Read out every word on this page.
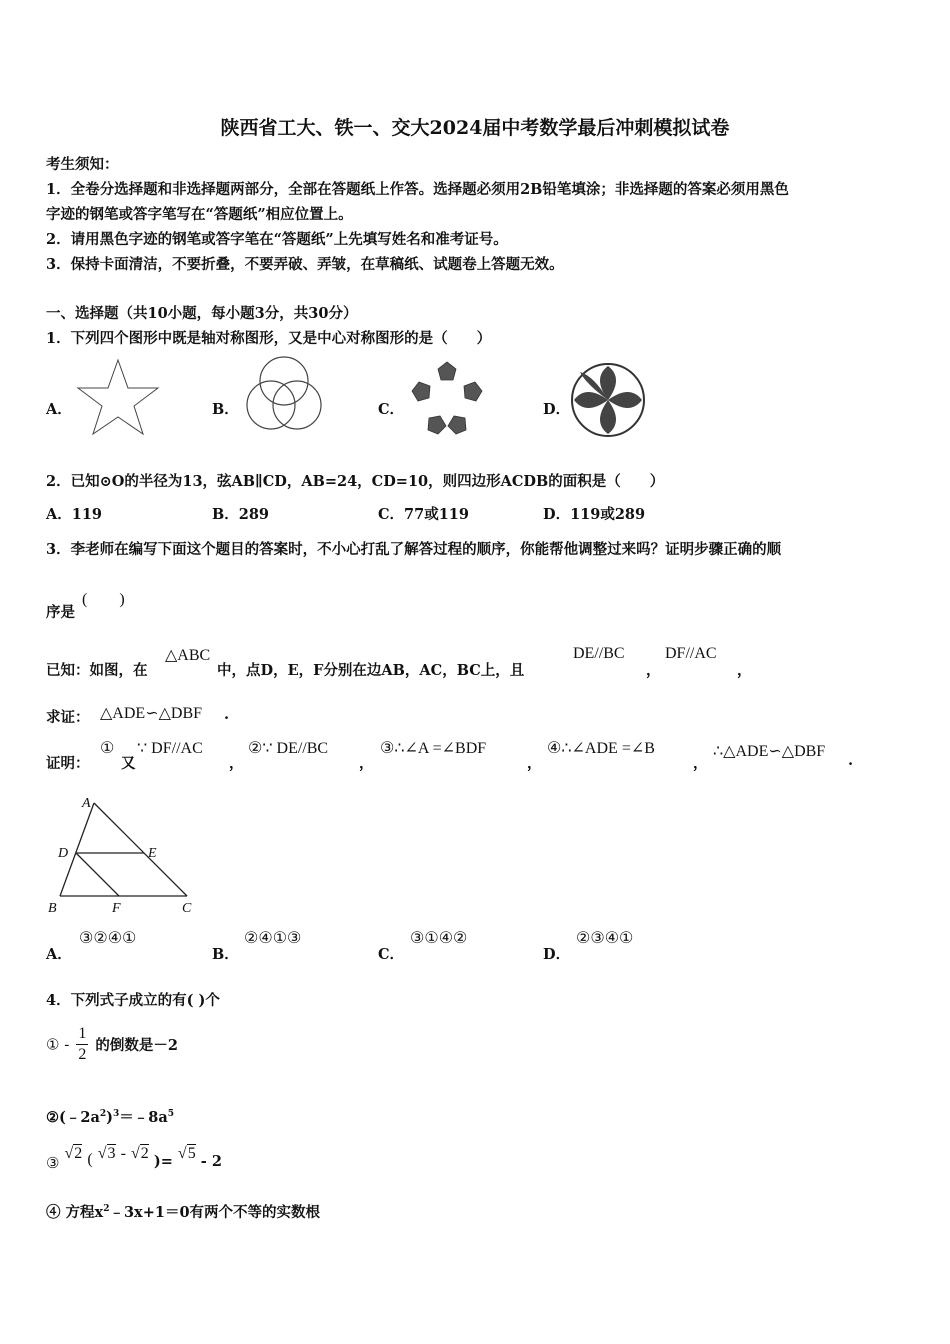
陕西省工大、铁一、交大2024届中考数学最后冲刺模拟试卷
考生须知：
1．全卷分选择题和非选择题两部分，全部在答题纸上作答。选择题必须用2B铅笔填涂；非选择题的答案必须用黑色
字迹的钢笔或答字笔写在“答题纸”相应位置上。
2．请用黑色字迹的钢笔或答字笔在“答题纸”上先填写姓名和准考证号。
3．保持卡面清洁，不要折叠，不要弄破、弄皱，在草稿纸、试题卷上答题无效。
一、选择题（共10小题，每小题3分，共30分）
1．下列四个图形中既是轴对称图形，又是中心对称图形的是（　　）
A．	B．	C．	D．
2．已知⊙O的半径为13，弦AB∥CD，AB=24，CD=10，则四边形ACDB的面积是（　　）
A．119	B．289	C．77或119	D．119或289
3．李老师在编写下面这个题目的答案时，不小心打乱了解答过程的顺序，你能帮他调整过来吗？证明步骤正确的顺
序是
(　　)
已知：如图，在
△ABC
中，点D，E，F分别在边AB，AC，BC上，且
DE//BC
，
DF//AC
，
求证： △ADE∽△DBF .
证明：
①
又
∵ DF//AC
，
②∵ DE//BC
，
③∴∠A =∠BDF
，
④∴∠ADE =∠B
，
∴△ADE∽△DBF
.
A
D	E
B	F	C
A．
③②④①
B．
②④①③
C．
③①④②
D．
②③④①
4．下列式子成立的有( )个
① - $\frac{1}{2}$ 的倒数是－2
$②(﹣2a^2)^3=﹣8a^5$
③ √2 ( √3 - √2 )= √5 - 2
④ 方程$x^2﹣3x+1=0$有两个不等的实数根
